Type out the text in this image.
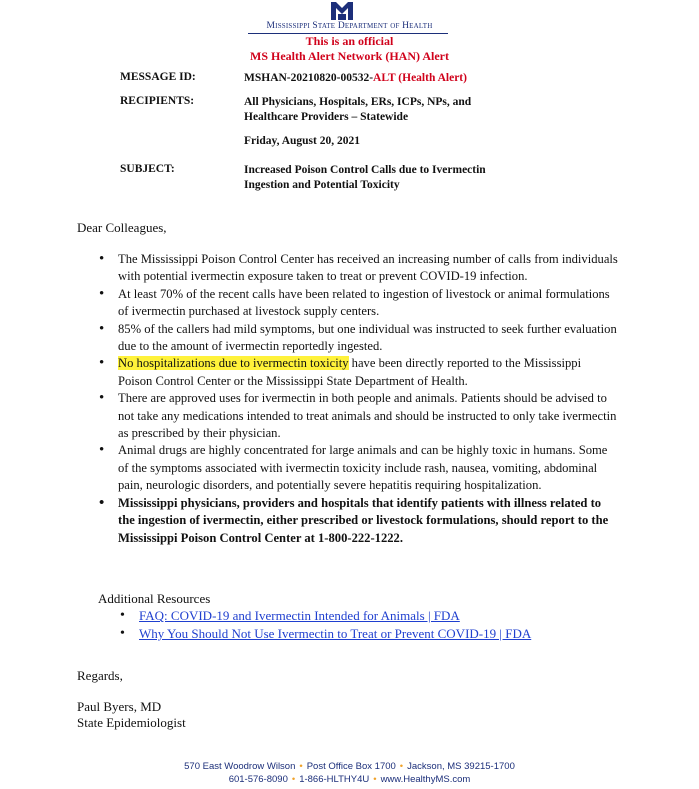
Mississippi State Department of Health
This is an official
MS Health Alert Network (HAN) Alert
MESSAGE ID:	MSHAN-20210820-00532-ALT (Health Alert)
RECIPIENTS:	All Physicians, Hospitals, ERs, ICPs, NPs, and
Healthcare Providers – Statewide
Friday, August 20, 2021
SUBJECT:	Increased Poison Control Calls due to Ivermectin
Ingestion and Potential Toxicity
Dear Colleagues,
• The Mississippi Poison Control Center has received an increasing number of calls from individuals with potential ivermectin exposure taken to treat or prevent COVID-19 infection.
• At least 70% of the recent calls have been related to ingestion of livestock or animal formulations of ivermectin purchased at livestock supply centers.
• 85% of the callers had mild symptoms, but one individual was instructed to seek further evaluation due to the amount of ivermectin reportedly ingested.
• No hospitalizations due to ivermectin toxicity have been directly reported to the Mississippi Poison Control Center or the Mississippi State Department of Health.
• There are approved uses for ivermectin in both people and animals. Patients should be advised to not take any medications intended to treat animals and should be instructed to only take ivermectin as prescribed by their physician.
• Animal drugs are highly concentrated for large animals and can be highly toxic in humans. Some of the symptoms associated with ivermectin toxicity include rash, nausea, vomiting, abdominal pain, neurologic disorders, and potentially severe hepatitis requiring hospitalization.
• Mississippi physicians, providers and hospitals that identify patients with illness related to the ingestion of ivermectin, either prescribed or livestock formulations, should report to the Mississippi Poison Control Center at 1-800-222-1222.
Additional Resources
• FAQ: COVID-19 and Ivermectin Intended for Animals | FDA
• Why You Should Not Use Ivermectin to Treat or Prevent COVID-19 | FDA
Regards,
Paul Byers, MD
State Epidemiologist
570 East Woodrow Wilson • Post Office Box 1700 • Jackson, MS 39215-1700
601-576-8090 • 1-866-HLTHY4U • www.HealthyMS.com
